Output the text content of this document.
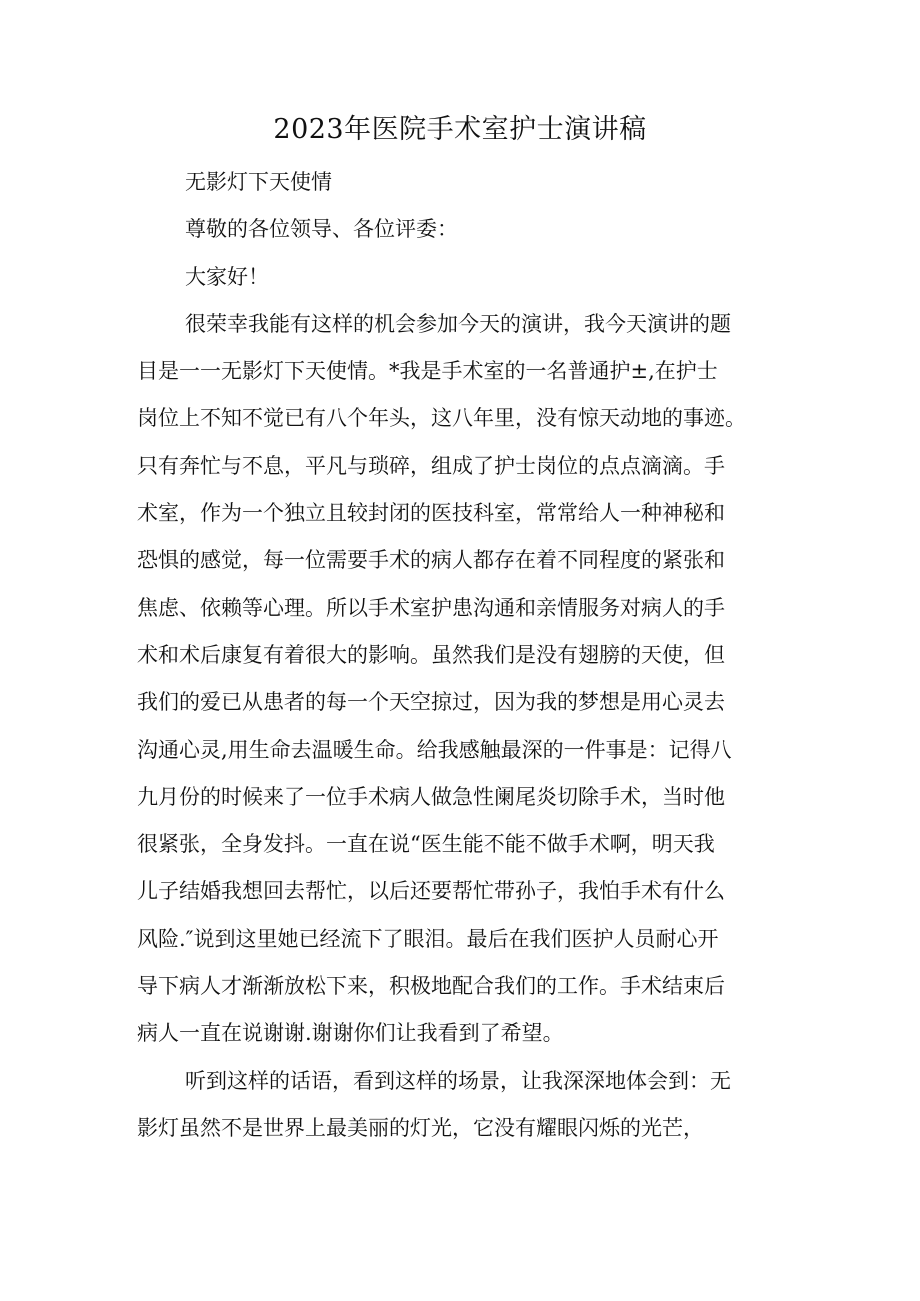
2023年医院手术室护士演讲稿
无影灯下天使情
尊敬的各位领导、各位评委：
大家好！
很荣幸我能有这样的机会参加今天的演讲，我今天演讲的题
目是一一无影灯下天使情。*我是手术室的一名普通护±,在护士
岗位上不知不觉已有八个年头，这八年里，没有惊天动地的事迹。
只有奔忙与不息，平凡与琐碎，组成了护士岗位的点点滴滴。手
术室，作为一个独立且较封闭的医技科室，常常给人一种神秘和
恐惧的感觉，每一位需要手术的病人都存在着不同程度的紧张和
焦虑、依赖等心理。所以手术室护患沟通和亲情服务对病人的手
术和术后康复有着很大的影响。虽然我们是没有翅膀的天使，但
我们的爱已从患者的每一个天空掠过，因为我的梦想是用心灵去
沟通心灵,用生命去温暖生命。给我感触最深的一件事是：记得八
九月份的时候来了一位手术病人做急性阑尾炎切除手术，当时他
很紧张，全身发抖。一直在说“医生能不能不做手术啊，明天我
儿子结婚我想回去帮忙，以后还要帮忙带孙子，我怕手术有什么
风险.″说到这里她已经流下了眼泪。最后在我们医护人员耐心开
导下病人才渐渐放松下来，积极地配合我们的工作。手术结束后
病人一直在说谢谢.谢谢你们让我看到了希望。
听到这样的话语，看到这样的场景，让我深深地体会到：无
影灯虽然不是世界上最美丽的灯光，它没有耀眼闪烁的光芒，
